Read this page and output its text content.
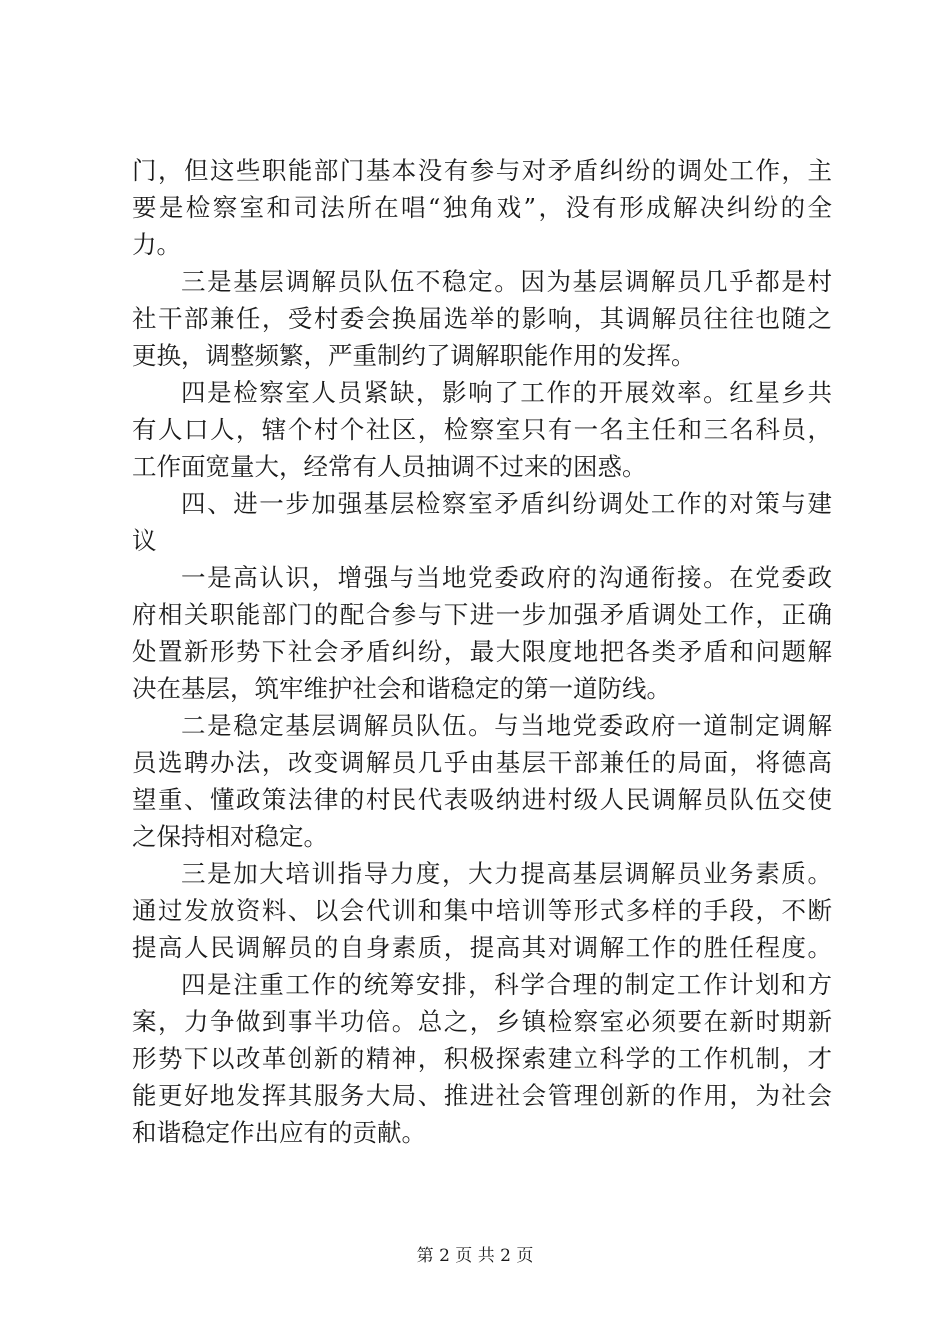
门，但这些职能部门基本没有参与对矛盾纠纷的调处工作，主
要是检察室和司法所在唱“独角戏”，没有形成解决纠纷的全
力。
三是基层调解员队伍不稳定。因为基层调解员几乎都是村
社干部兼任，受村委会换届选举的影响，其调解员往往也随之
更换，调整频繁，严重制约了调解职能作用的发挥。
四是检察室人员紧缺，影响了工作的开展效率。红星乡共
有人口人，辖个村个社区，检察室只有一名主任和三名科员，
工作面宽量大，经常有人员抽调不过来的困惑。
四、进一步加强基层检察室矛盾纠纷调处工作的对策与建
议
一是高认识，增强与当地党委政府的沟通衔接。在党委政
府相关职能部门的配合参与下进一步加强矛盾调处工作，正确
处置新形势下社会矛盾纠纷，最大限度地把各类矛盾和问题解
决在基层，筑牢维护社会和谐稳定的第一道防线。
二是稳定基层调解员队伍。与当地党委政府一道制定调解
员选聘办法，改变调解员几乎由基层干部兼任的局面，将德高
望重、懂政策法律的村民代表吸纳进村级人民调解员队伍交使
之保持相对稳定。
三是加大培训指导力度，大力提高基层调解员业务素质。
通过发放资料、以会代训和集中培训等形式多样的手段，不断
提高人民调解员的自身素质，提高其对调解工作的胜任程度。
四是注重工作的统筹安排，科学合理的制定工作计划和方
案，力争做到事半功倍。总之，乡镇检察室必须要在新时期新
形势下以改革创新的精神，积极探索建立科学的工作机制，才
能更好地发挥其服务大局、推进社会管理创新的作用，为社会
和谐稳定作出应有的贡献。
第 2 页 共 2 页
